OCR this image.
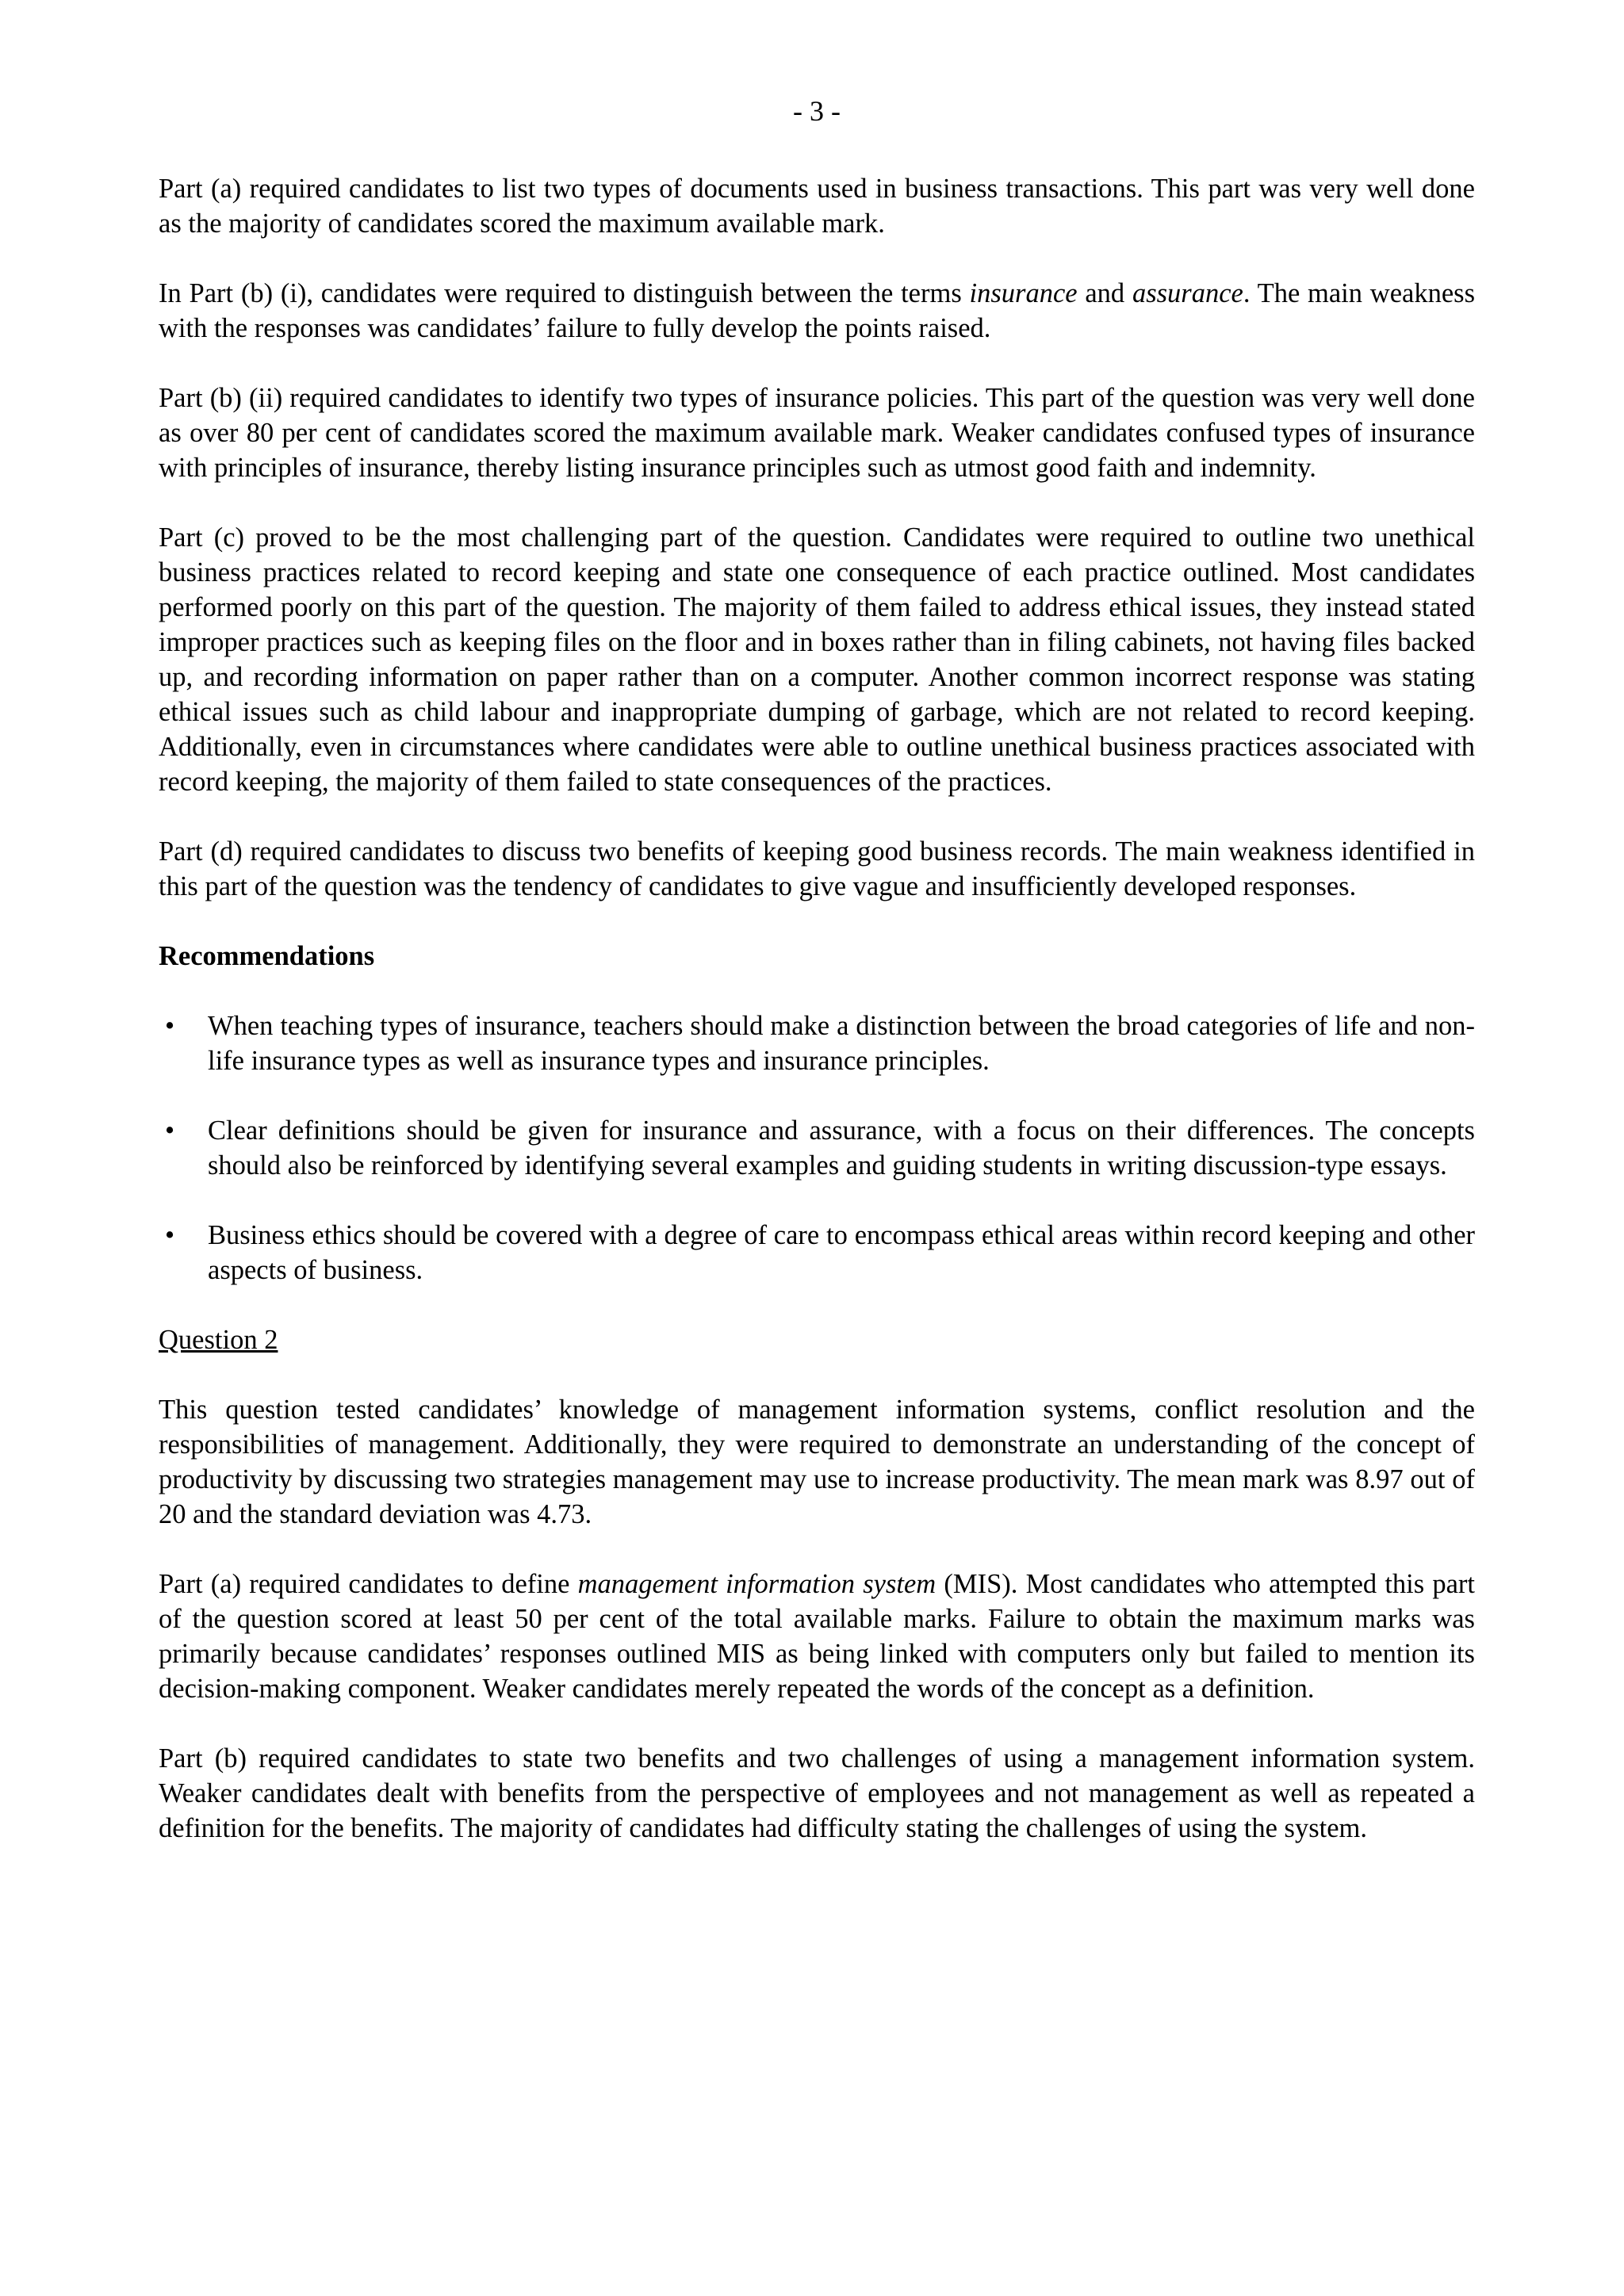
- 3 -

Part (a) required candidates to list two types of documents used in business transactions. This part was very well done as the majority of candidates scored the maximum available mark.

In Part (b) (i), candidates were required to distinguish between the terms insurance and assurance. The main weakness with the responses was candidates’ failure to fully develop the points raised.

Part (b) (ii) required candidates to identify two types of insurance policies. This part of the question was very well done as over 80 per cent of candidates scored the maximum available mark. Weaker candidates confused types of insurance with principles of insurance, thereby listing insurance principles such as utmost good faith and indemnity.

Part (c) proved to be the most challenging part of the question. Candidates were required to outline two unethical business practices related to record keeping and state one consequence of each practice outlined. Most candidates performed poorly on this part of the question. The majority of them failed to address ethical issues, they instead stated improper practices such as keeping files on the floor and in boxes rather than in filing cabinets, not having files backed up, and recording information on paper rather than on a computer. Another common incorrect response was stating ethical issues such as child labour and inappropriate dumping of garbage, which are not related to record keeping. Additionally, even in circumstances where candidates were able to outline unethical business practices associated with record keeping, the majority of them failed to state consequences of the practices.

Part (d) required candidates to discuss two benefits of keeping good business records. The main weakness identified in this part of the question was the tendency of candidates to give vague and insufficiently developed responses.

Recommendations
• When teaching types of insurance, teachers should make a distinction between the broad categories of life and non-life insurance types as well as insurance types and insurance principles.
• Clear definitions should be given for insurance and assurance, with a focus on their differences. The concepts should also be reinforced by identifying several examples and guiding students in writing discussion-type essays.
• Business ethics should be covered with a degree of care to encompass ethical areas within record keeping and other aspects of business.
Question 2

This question tested candidates’ knowledge of management information systems, conflict resolution and the responsibilities of management. Additionally, they were required to demonstrate an understanding of the concept of productivity by discussing two strategies management may use to increase productivity. The mean mark was 8.97 out of 20 and the standard deviation was 4.73.

Part (a) required candidates to define management information system (MIS). Most candidates who attempted this part of the question scored at least 50 per cent of the total available marks. Failure to obtain the maximum marks was primarily because candidates’ responses outlined MIS as being linked with computers only but failed to mention its decision-making component. Weaker candidates merely repeated the words of the concept as a definition.

Part (b) required candidates to state two benefits and two challenges of using a management information system. Weaker candidates dealt with benefits from the perspective of employees and not management as well as repeated a definition for the benefits. The majority of candidates had difficulty stating the challenges of using the system.
